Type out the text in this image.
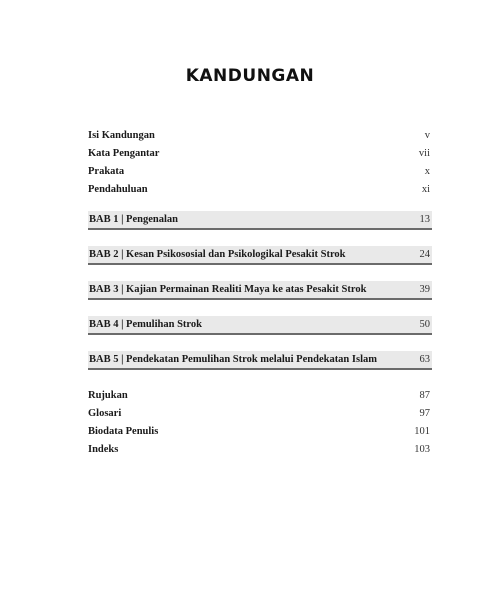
KANDUNGAN
Isi Kandungan	v
Kata Pengantar	vii
Prakata	x
Pendahuluan	xi
BAB 1 | Pengenalan	13
BAB 2 | Kesan Psikososial dan Psikologikal Pesakit Strok	24
BAB 3 | Kajian Permainan Realiti Maya ke atas Pesakit Strok	39
BAB 4 | Pemulihan Strok	50
BAB 5 | Pendekatan Pemulihan Strok melalui Pendekatan Islam	63
Rujukan	87
Glosari	97
Biodata Penulis	101
Indeks	103
